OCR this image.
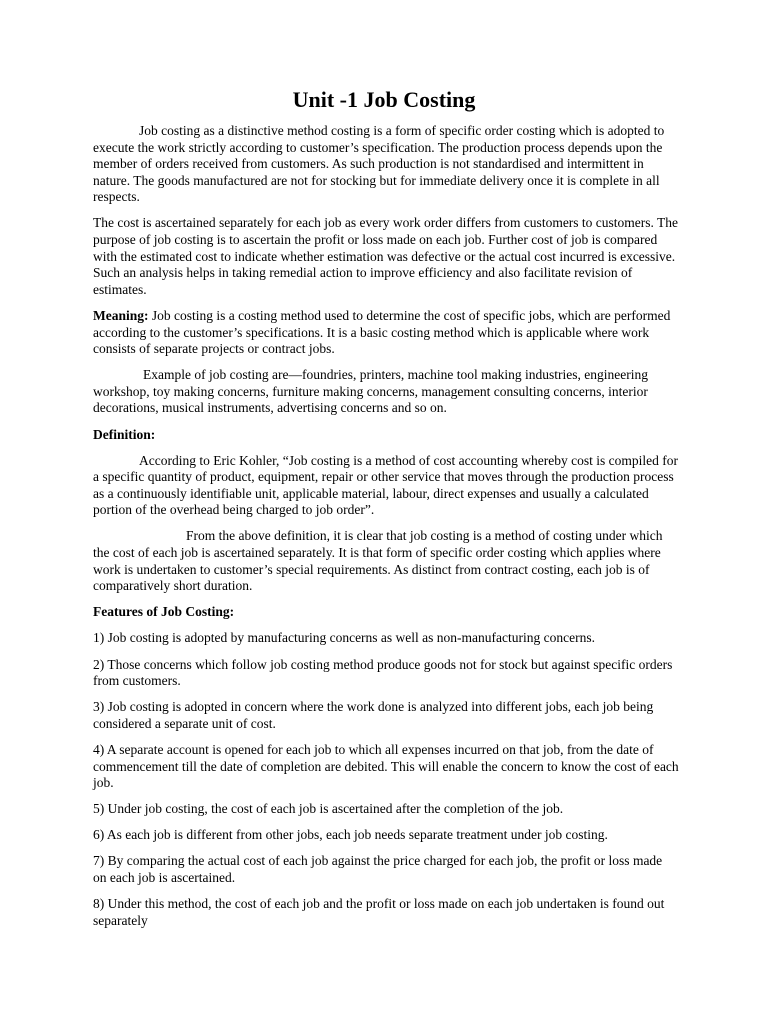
Unit -1 Job Costing

Job costing as a distinctive method costing is a form of specific order costing which is adopted to execute the work strictly according to customer’s specification. The production process depends upon the member of orders received from customers. As such production is not standardised and intermittent in nature. The goods manufactured are not for stocking but for immediate delivery once it is complete in all respects.

The cost is ascertained separately for each job as every work order differs from customers to customers. The purpose of job costing is to ascertain the profit or loss made on each job. Further cost of job is compared with the estimated cost to indicate whether estimation was defective or the actual cost incurred is excessive. Such an analysis helps in taking remedial action to improve efficiency and also facilitate revision of estimates.

Meaning: Job costing is a costing method used to determine the cost of specific jobs, which are performed according to the customer’s specifications. It is a basic costing method which is applicable where work consists of separate projects or contract jobs.

Example of job costing are—foundries, printers, machine tool making industries, engineering workshop, toy making concerns, furniture making concerns, management consulting concerns, interior decorations, musical instruments, advertising concerns and so on.

Definition:

According to Eric Kohler, “Job costing is a method of cost accounting whereby cost is compiled for a specific quantity of product, equipment, repair or other service that moves through the production process as a continuously identifiable unit, applicable material, labour, direct expenses and usually a calculated portion of the overhead being charged to job order”.

From the above definition, it is clear that job costing is a method of costing under which the cost of each job is ascertained separately. It is that form of specific order costing which applies where work is undertaken to customer’s special requirements. As distinct from contract costing, each job is of comparatively short duration.

Features of Job Costing:

1) Job costing is adopted by manufacturing concerns as well as non-manufacturing concerns.

2) Those concerns which follow job costing method produce goods not for stock but against specific orders from customers.

3) Job costing is adopted in concern where the work done is analyzed into different jobs, each job being considered a separate unit of cost.

4) A separate account is opened for each job to which all expenses incurred on that job, from the date of commencement till the date of completion are debited. This will enable the concern to know the cost of each job.

5) Under job costing, the cost of each job is ascertained after the completion of the job.

6) As each job is different from other jobs, each job needs separate treatment under job costing.

7) By comparing the actual cost of each job against the price charged for each job, the profit or loss made on each job is ascertained.

8) Under this method, the cost of each job and the profit or loss made on each job undertaken is found out separately
